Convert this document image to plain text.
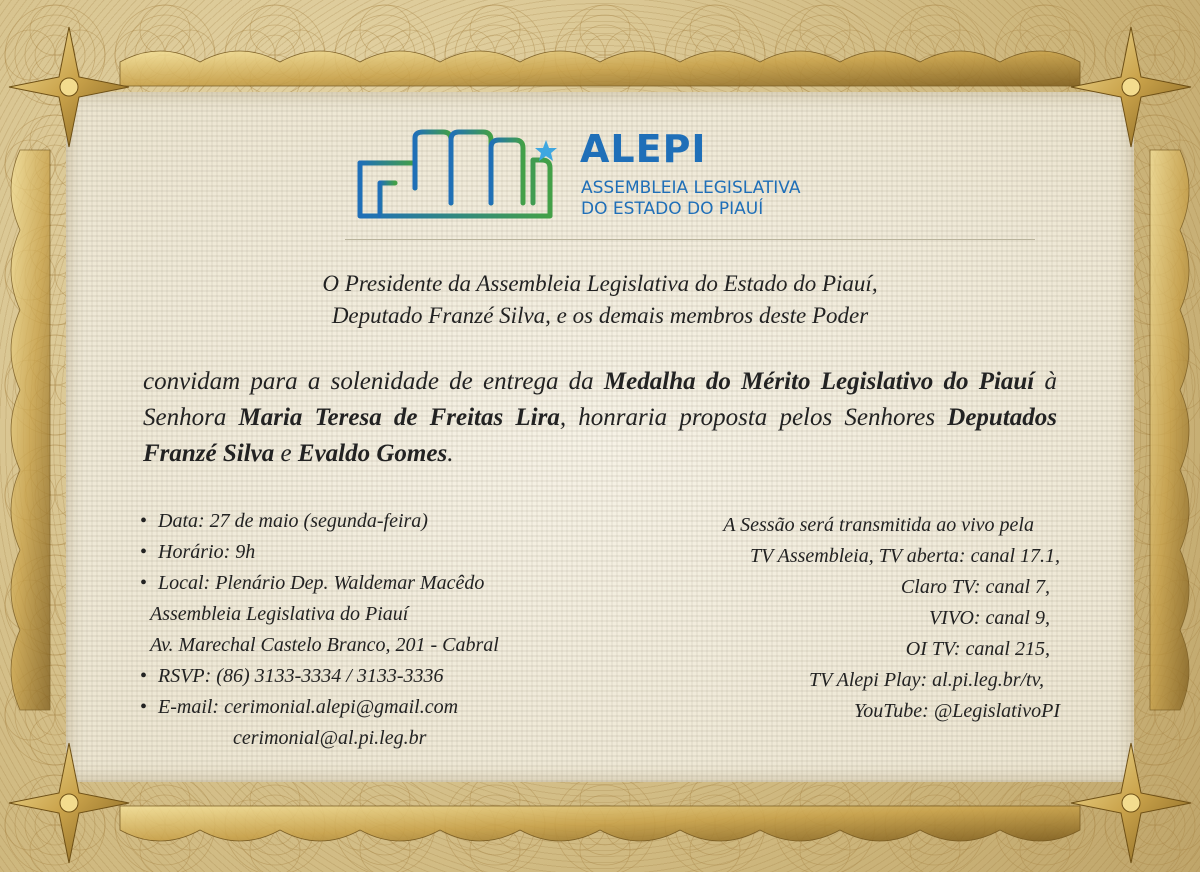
ALEPI
ASSEMBLEIA LEGISLATIVA
DO ESTADO DO PIAUÍ
O Presidente da Assembleia Legislativa do Estado do Piauí,
Deputado Franzé Silva, e os demais membros deste Poder
convidam para a solenidade de entrega da Medalha do Mérito Legislativo do Piauí à Senhora Maria Teresa de Freitas Lira, honraria proposta pelos Senhores Deputados Franzé Silva e Evaldo Gomes.
• Data: 27 de maio (segunda-feira)
• Horário: 9h
• Local: Plenário Dep. Waldemar Macêdo
Assembleia Legislativa do Piauí
Av. Marechal Castelo Branco, 201 - Cabral
• RSVP: (86) 3133-3334 / 3133-3336
• E-mail: cerimonial.alepi@gmail.com
cerimonial@al.pi.leg.br
A Sessão será transmitida ao vivo pela
TV Assembleia, TV aberta: canal 17.1,
Claro TV: canal 7,
VIVO: canal 9,
OI TV: canal 215,
TV Alepi Play: al.pi.leg.br/tv,
YouTube: @LegislativoPI
